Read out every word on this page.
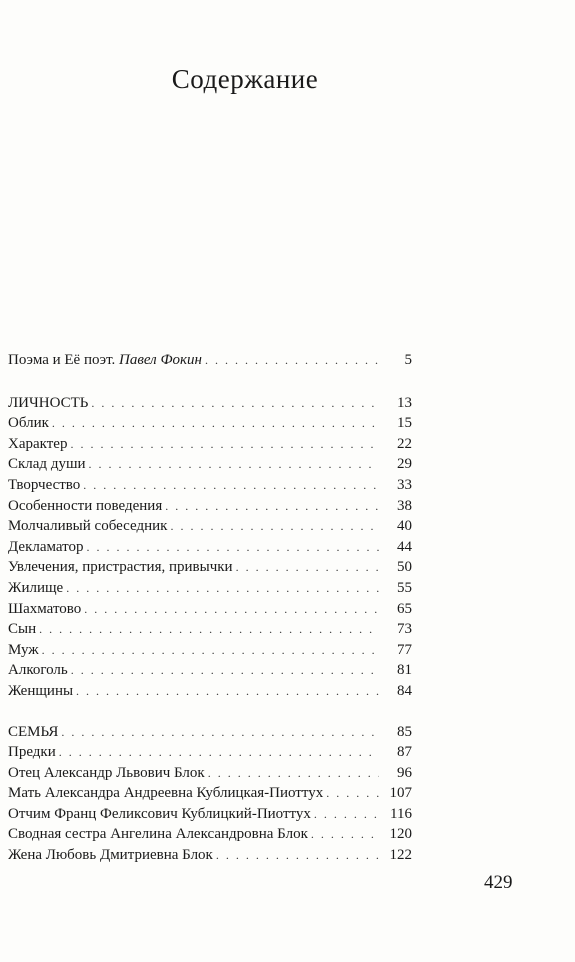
Содержание
Поэма и Её поэт. Павел Фокин . . .	5
ЛИЧНОСТЬ . . .	13
Облик . . .	15
Характер . . .	22
Склад души . . .	29
Творчество . . .	33
Особенности поведения . . .	38
Молчаливый собеседник . . .	40
Декламатор . . .	44
Увлечения, пристрастия, привычки . . .	50
Жилище . . .	55
Шахматово . . .	65
Сын . . .	73
Муж . . .	77
Алкоголь . . .	81
Женщины . . .	84
СЕМЬЯ . . .	85
Предки . . .	87
Отец Александр Львович Блок . . .	96
Мать Александра Андреевна Кублицкая-Пиоттух . . .	107
Отчим Франц Феликсович Кублицкий-Пиоттух . . .	116
Сводная сестра Ангелина Александровна Блок . . .	120
Жена Любовь Дмитриевна Блок . . .	122
429
